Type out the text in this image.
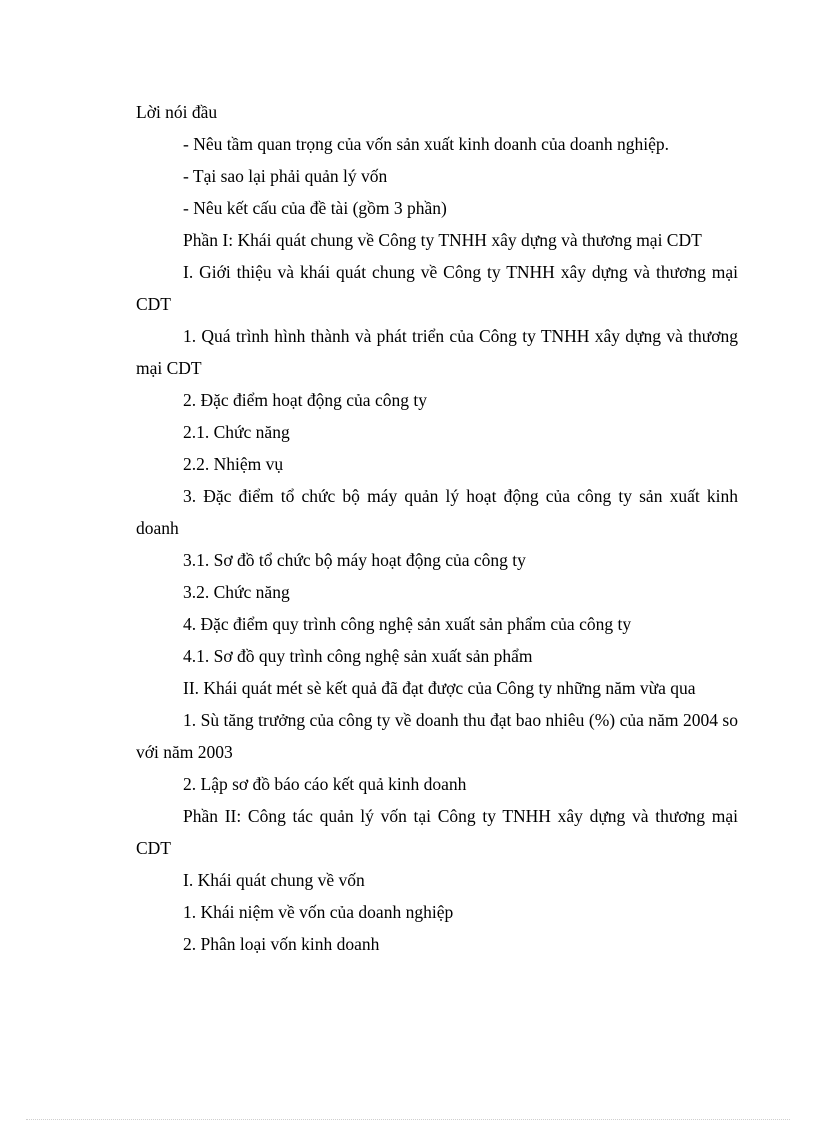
Lời nói đầu

- Nêu tầm quan trọng của vốn sản xuất kinh doanh của doanh nghiệp.

- Tại sao lại phải quản lý vốn

- Nêu kết cấu của đề tài (gồm 3 phần)

Phần I: Khái quát chung về Công ty TNHH xây dựng và thương mại CDT

I. Giới thiệu và khái quát chung về Công ty TNHH xây dựng và thương mại CDT

1. Quá trình hình thành và phát triển của Công ty TNHH xây dựng và thương mại CDT

2. Đặc điểm hoạt động của công ty

2.1. Chức năng

2.2. Nhiệm vụ

3. Đặc điểm tổ chức bộ máy quản lý hoạt động của công ty sản xuất kinh doanh

3.1. Sơ đồ tổ chức bộ máy hoạt động của công ty

3.2. Chức năng

4. Đặc điểm quy trình công nghệ sản xuất sản phẩm của công ty

4.1. Sơ đồ quy trình công nghệ sản xuất sản phẩm

II. Khái quát mét sè kết quả đã đạt được của Công ty những năm vừa qua

1. Sù tăng trưởng của công ty về doanh thu đạt bao nhiêu (%) của năm 2004 so với năm 2003

2. Lập sơ đồ báo cáo kết quả kinh doanh

Phần II: Công tác quản lý vốn tại Công ty TNHH xây dựng và thương mại CDT

I. Khái quát chung về vốn

1. Khái niệm về vốn của doanh nghiệp

2. Phân loại vốn kinh doanh
